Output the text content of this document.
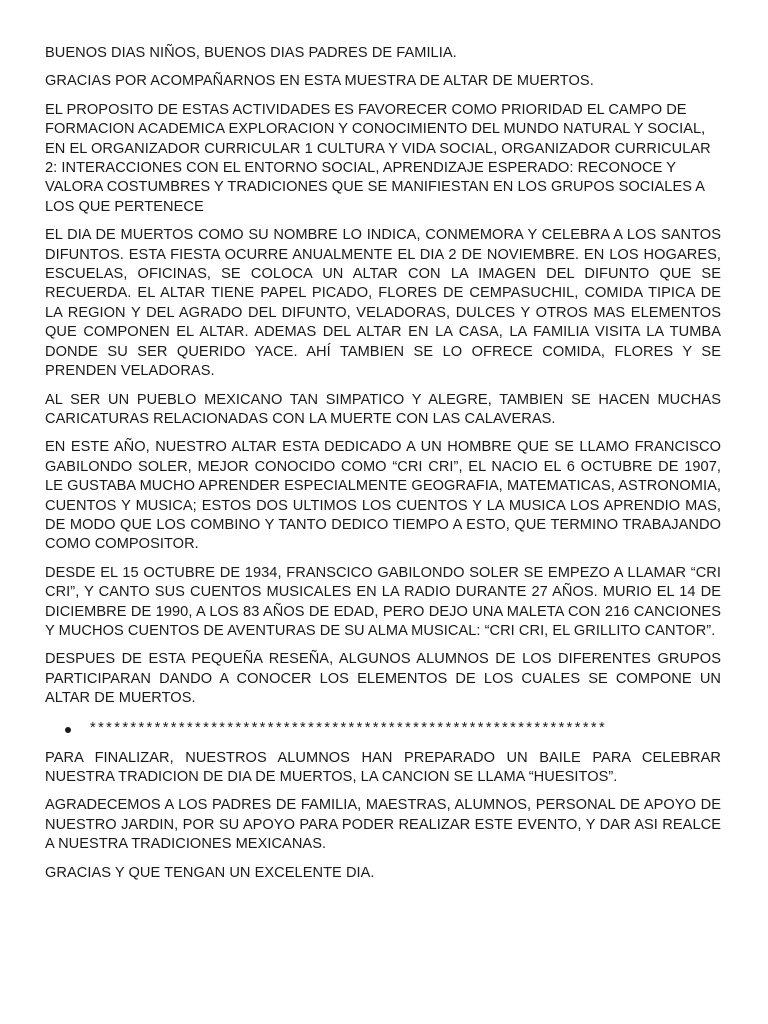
BUENOS DIAS NIÑOS, BUENOS DIAS PADRES DE FAMILIA.

GRACIAS POR ACOMPAÑARNOS EN ESTA MUESTRA DE ALTAR DE MUERTOS.

EL PROPOSITO DE ESTAS ACTIVIDADES ES FAVORECER COMO PRIORIDAD EL CAMPO DE FORMACION ACADEMICA EXPLORACION Y CONOCIMIENTO DEL MUNDO NATURAL Y SOCIAL, EN EL ORGANIZADOR CURRICULAR 1 CULTURA Y VIDA SOCIAL, ORGANIZADOR CURRICULAR 2: INTERACCIONES CON EL ENTORNO SOCIAL, APRENDIZAJE ESPERADO: RECONOCE Y VALORA COSTUMBRES Y TRADICIONES QUE SE MANIFIESTAN EN LOS GRUPOS SOCIALES A LOS QUE PERTENECE

EL DIA DE MUERTOS COMO SU NOMBRE LO INDICA, CONMEMORA Y CELEBRA A LOS SANTOS DIFUNTOS. ESTA FIESTA OCURRE ANUALMENTE EL DIA 2 DE NOVIEMBRE. EN LOS HOGARES, ESCUELAS, OFICINAS, SE COLOCA UN ALTAR CON LA IMAGEN DEL DIFUNTO QUE SE RECUERDA. EL ALTAR TIENE PAPEL PICADO, FLORES DE CEMPASUCHIL, COMIDA TIPICA DE LA REGION Y DEL AGRADO DEL DIFUNTO, VELADORAS, DULCES Y OTROS MAS ELEMENTOS QUE COMPONEN EL ALTAR. ADEMAS DEL ALTAR EN LA CASA, LA FAMILIA VISITA LA TUMBA DONDE SU SER QUERIDO YACE. AHÍ TAMBIEN SE LO OFRECE COMIDA, FLORES Y SE PRENDEN VELADORAS.

AL SER UN PUEBLO MEXICANO TAN SIMPATICO Y ALEGRE, TAMBIEN SE HACEN MUCHAS CARICATURAS RELACIONADAS CON LA MUERTE CON LAS CALAVERAS.

EN ESTE AÑO, NUESTRO ALTAR ESTA DEDICADO A UN HOMBRE QUE SE LLAMO FRANCISCO GABILONDO SOLER, MEJOR CONOCIDO COMO “CRI CRI”, EL NACIO EL 6 OCTUBRE DE 1907, LE GUSTABA MUCHO APRENDER ESPECIALMENTE GEOGRAFIA, MATEMATICAS, ASTRONOMIA, CUENTOS Y MUSICA; ESTOS DOS ULTIMOS LOS CUENTOS Y LA MUSICA LOS APRENDIO MAS, DE MODO QUE LOS COMBINO Y TANTO DEDICO TIEMPO A ESTO, QUE TERMINO TRABAJANDO COMO COMPOSITOR.

DESDE EL 15 OCTUBRE DE 1934, FRANSCICO GABILONDO SOLER SE EMPEZO A LLAMAR “CRI CRI”, Y CANTO SUS CUENTOS MUSICALES EN LA RADIO DURANTE 27 AÑOS. MURIO EL 14 DE DICIEMBRE DE 1990, A LOS 83 AÑOS DE EDAD, PERO DEJO UNA MALETA CON 216 CANCIONES Y MUCHOS CUENTOS DE AVENTURAS DE SU ALMA MUSICAL: “CRI CRI, EL GRILLITO CANTOR”.

DESPUES DE ESTA PEQUEÑA RESEÑA, ALGUNOS ALUMNOS DE LOS DIFERENTES GRUPOS PARTICIPARAN DANDO A CONOCER LOS ELEMENTOS DE LOS CUALES SE COMPONE UN ALTAR DE MUERTOS.

****************************************************************

PARA FINALIZAR, NUESTROS ALUMNOS HAN PREPARADO UN BAILE PARA CELEBRAR NUESTRA TRADICION DE DIA DE MUERTOS, LA CANCION SE LLAMA “HUESITOS”.

AGRADECEMOS A LOS PADRES DE FAMILIA, MAESTRAS, ALUMNOS, PERSONAL DE APOYO DE NUESTRO JARDIN, POR SU APOYO PARA PODER REALIZAR ESTE EVENTO, Y DAR ASI REALCE A NUESTRA TRADICIONES MEXICANAS.

GRACIAS Y QUE TENGAN UN EXCELENTE DIA.
